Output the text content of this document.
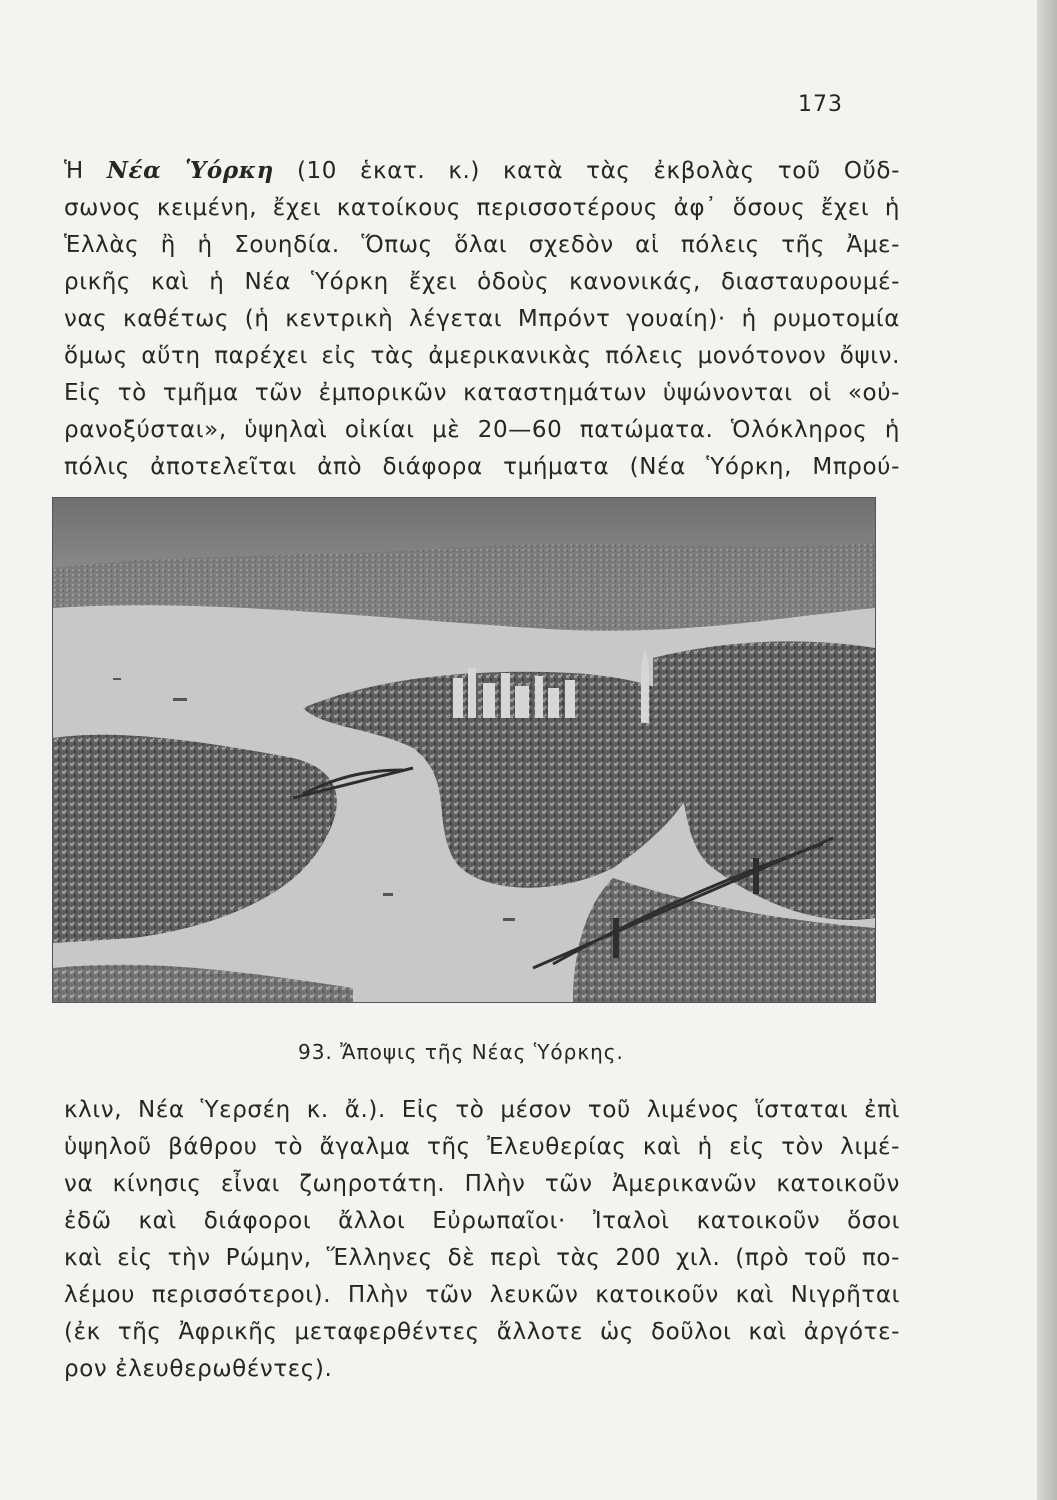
173

Ἡ Νέα Ὑόρκη (10 ἑκατ. κ.) κατὰ τὰς ἐκβολὰς τοῦ Οὔδ-
σωνος κειμένη, ἔχει κατοίκους περισσοτέρους ἀφ᾿ ὅσους ἔχει ἡ
Ἑλλὰς ἢ ἡ Σουηδία. Ὅπως ὅλαι σχεδὸν αἱ πόλεις τῆς Ἀμε-
ρικῆς καὶ ἡ Νέα Ὑόρκη ἔχει ὁδοὺς κανονικάς, διασταυρουμέ-
νας καθέτως (ἡ κεντρικὴ λέγεται Μπρόντ γουαίη)· ἡ ρυμοτομία
ὅμως αὕτη παρέχει εἰς τὰς ἀμερικανικὰς πόλεις μονότονον ὄψιν.
Εἰς τὸ τμῆμα τῶν ἐμπορικῶν καταστημάτων ὑψώνονται οἱ «οὐ-
ρανοξύσται», ὑψηλαὶ οἰκίαι μὲ 20—60 πατώματα. Ὁλόκληρος ἡ
πόλις ἀποτελεῖται ἀπὸ διάφορα τμήματα (Νέα Ὑόρκη, Μπρού-

93. Ἄποψις τῆς Νέας Ὑόρκης.

κλιν, Νέα Ὑερσέη κ. ἄ.). Εἰς τὸ μέσον τοῦ λιμένος ἵσταται ἐπὶ
ὑψηλοῦ βάθρου τὸ ἄγαλμα τῆς Ἐλευθερίας καὶ ἡ εἰς τὸν λιμέ-
να κίνησις εἶναι ζωηροτάτη. Πλὴν τῶν Ἀμερικανῶν κατοικοῦν
ἐδῶ καὶ διάφοροι ἄλλοι Εὐρωπαῖοι· Ἰταλοὶ κατοικοῦν ὅσοι
καὶ εἰς τὴν Ρώμην, Ἕλληνες δὲ περὶ τὰς 200 χιλ. (πρὸ τοῦ πο-
λέμου περισσότεροι). Πλὴν τῶν λευκῶν κατοικοῦν καὶ Νιγρῆται
(ἐκ τῆς Ἀφρικῆς μεταφερθέντες ἄλλοτε ὡς δοῦλοι καὶ ἀργότε-
ρον ἐλευθερωθέντες).
